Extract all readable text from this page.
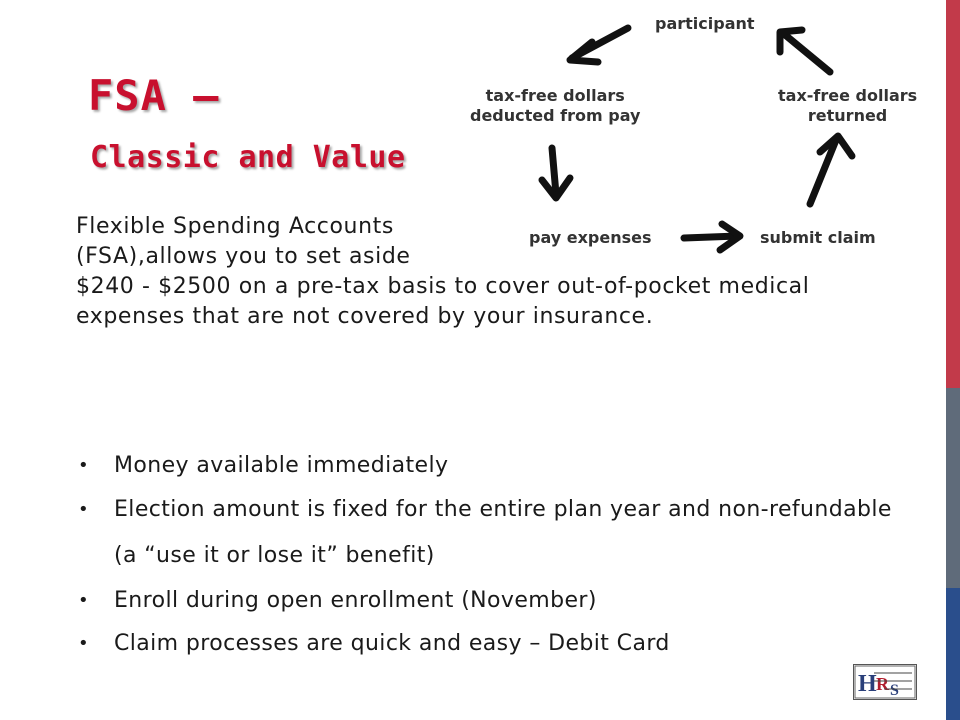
FSA –
Classic and Value
participant
tax-free dollars
deducted from pay
tax-free dollars
returned
pay expenses	submit claim

Flexible Spending Accounts
(FSA),allows you to set aside
$240 - $2500 on a pre-tax basis to cover out-of-pocket medical expenses that are not covered by your insurance.

• Money available immediately
• Election amount is fixed for the entire plan year and non-refundable (a “use it or lose it” benefit)
• Enroll during open enrollment (November)
• Claim processes are quick and easy – Debit Card
H R S
